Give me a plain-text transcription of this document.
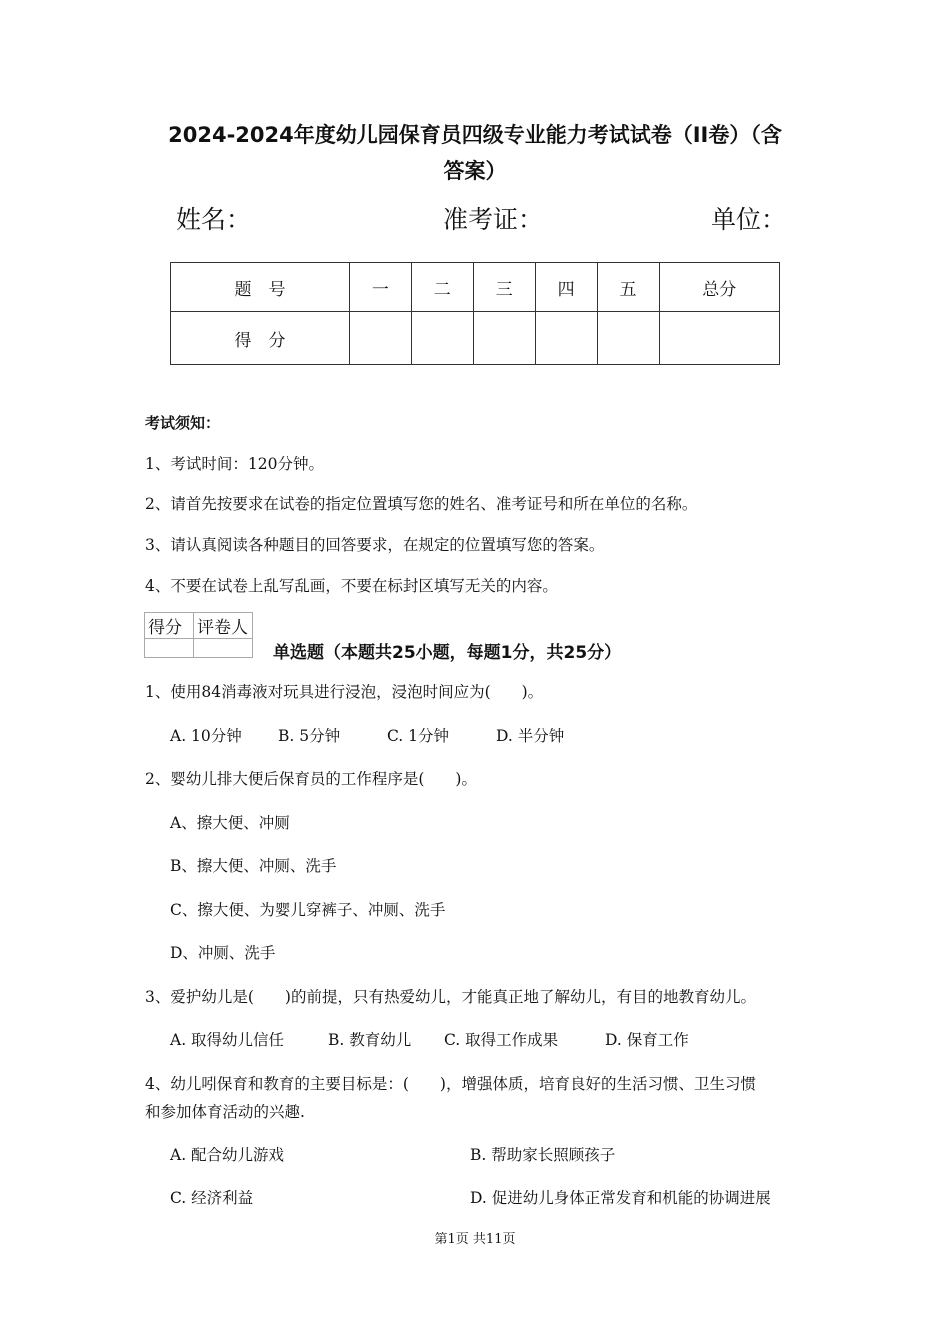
2024-2024年度幼儿园保育员四级专业能力考试试卷（II卷）（含
答案）
姓名：	准考证：	单位：
题　号	一	二	三	四	五	总分
得　分						
考试须知：
1、考试时间：120分钟。
2、请首先按要求在试卷的指定位置填写您的姓名、准考证号和所在单位的名称。
3、请认真阅读各种题目的回答要求，在规定的位置填写您的答案。
4、不要在试卷上乱写乱画，不要在标封区填写无关的内容。
得分	评卷人

单选题（本题共25小题，每题1分，共25分）
1、使用84消毒液对玩具进行浸泡，浸泡时间应为(　　)。
A. 10分钟 B. 5分钟	C. 1分钟	D. 半分钟
2、婴幼儿排大便后保育员的工作程序是(　　)。
A、擦大便、冲厕
B、擦大便、冲厕、洗手
C、擦大便、为婴儿穿裤子、冲厕、洗手
D、冲厕、洗手
3、爱护幼儿是(　　)的前提，只有热爱幼儿，才能真正地了解幼儿，有目的地教育幼儿。
A. 取得幼儿信任	B. 教育幼儿 C. 取得工作成果	D. 保育工作
4、幼儿吲保育和教育的主要目标是：(　　)，增强体质，培育良好的生活习惯、卫生习惯
和参加体育活动的兴趣.
A. 配合幼儿游戏	B. 帮助家长照顾孩子
C. 经济利益	D. 促进幼儿身体正常发育和机能的协调进展
第1页 共11页
